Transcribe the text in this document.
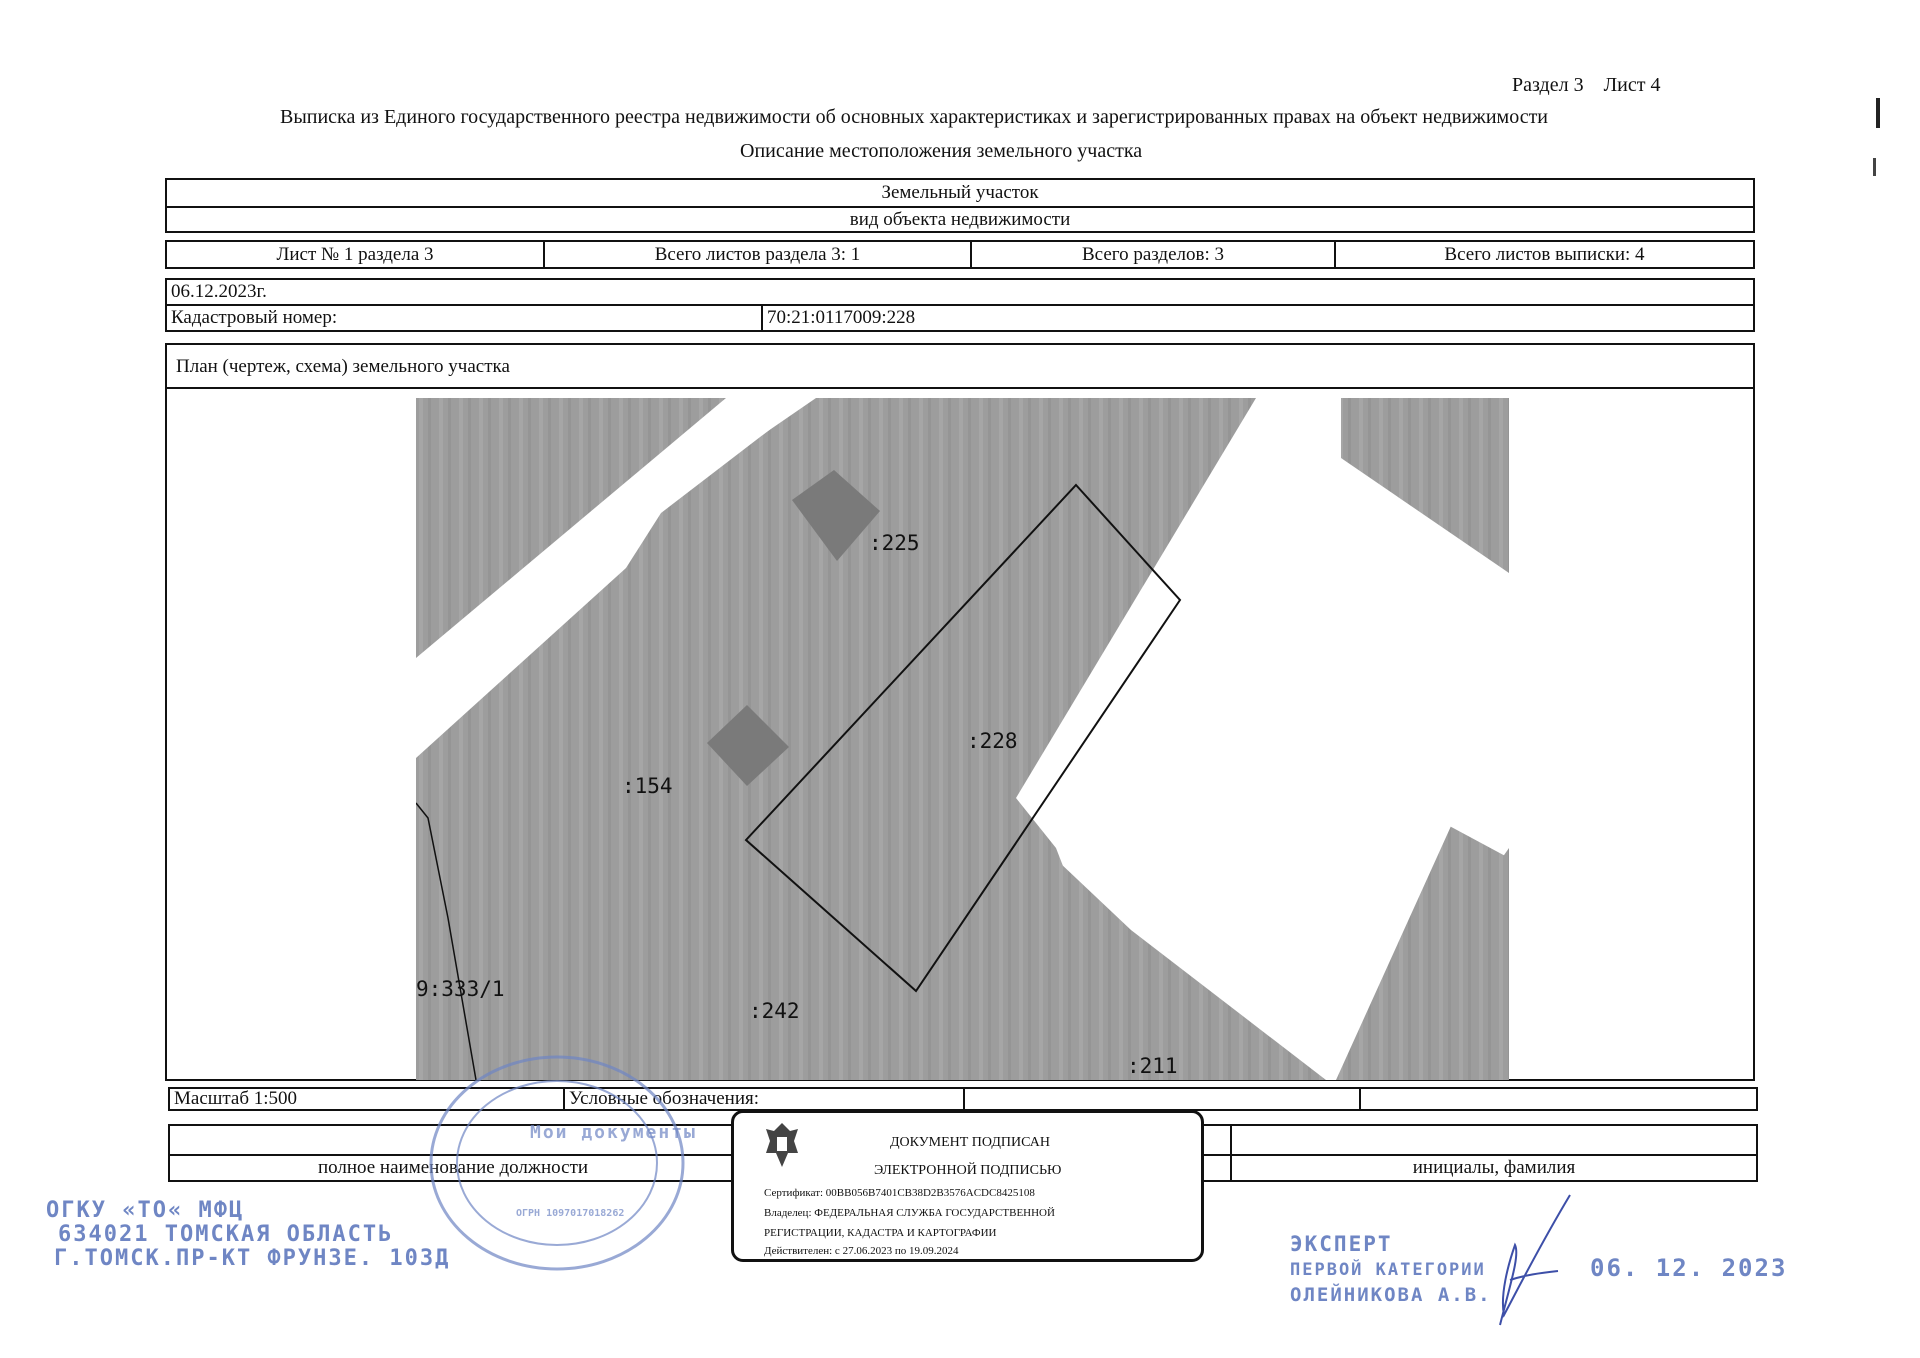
Раздел 3    Лист 4
Выписка из Единого государственного реестра недвижимости об основных характеристиках и зарегистрированных правах на объект недвижимости
Описание местоположения земельного участка
Земельный участок
вид объекта недвижимости
Лист № 1 раздела 3	Всего листов раздела 3: 1	Всего разделов: 3	Всего листов выписки: 4
06.12.2023г.
Кадастровый номер:	70:21:0117009:228
План (чертеж, схема) земельного участка
:225
:228
:154
9:333/1
:242
:211
Масштаб 1:500	Условные обозначения:
полное наименование должности	инициалы, фамилия
ДОКУМЕНТ ПОДПИСАН
ЭЛЕКТРОННОЙ ПОДПИСЬЮ
Сертификат: 00BB056B7401CB38D2B3576ACDC8425108
Владелец: ФЕДЕРАЛЬНАЯ СЛУЖБА ГОСУДАРСТВЕННОЙ
РЕГИСТРАЦИИ, КАДАСТРА И КАРТОГРАФИИ
Действителен: с 27.06.2023 по 19.09.2024
Мои документы
ОГРН 1097017018262
ОГКУ «ТО« МФЦ
634021 ТОМСКАЯ ОБЛАСТЬ
Г.ТОМСК.ПР-КТ ФРУНЗЕ. 103Д
ЭКСПЕРТ
ПЕРВОЙ КАТЕГОРИИ
ОЛЕЙНИКОВА А.В.
06. 12. 2023
